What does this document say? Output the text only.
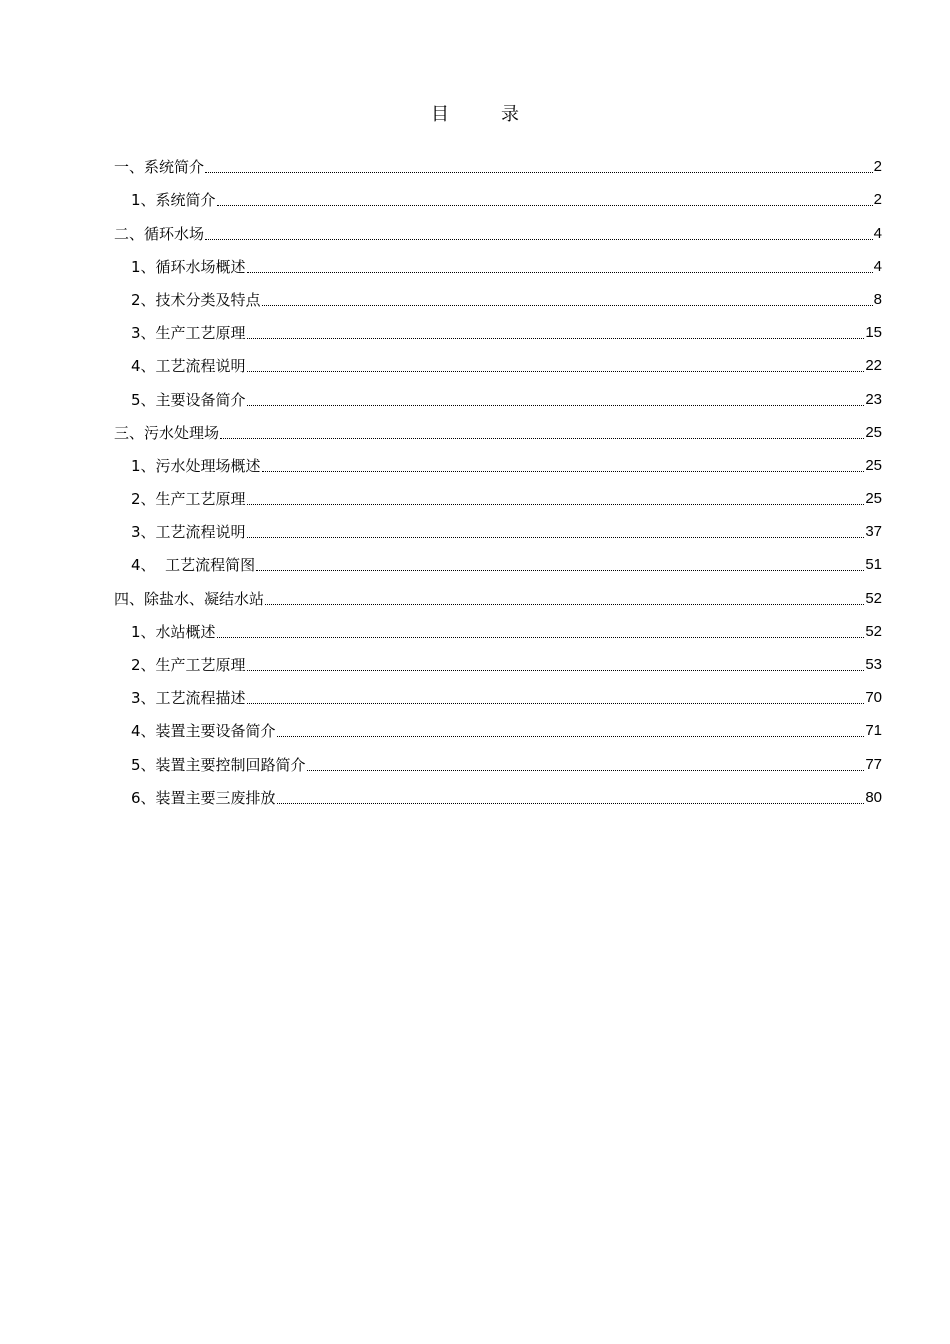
目	录
一、系统简介	2
1、系统简介	2
二、循环水场	4
1、循环水场概述	4
2、技术分类及特点	8
3、生产工艺原理	15
4、工艺流程说明	22
5、主要设备简介	23
三、污水处理场	25
1、污水处理场概述	25
2、生产工艺原理	25
3、工艺流程说明	37
4、  工艺流程简图	51
四、除盐水、凝结水站	52
1、水站概述	52
2、生产工艺原理	53
3、工艺流程描述	70
4、装置主要设备简介	71
5、装置主要控制回路简介	77
6、装置主要三废排放	80
